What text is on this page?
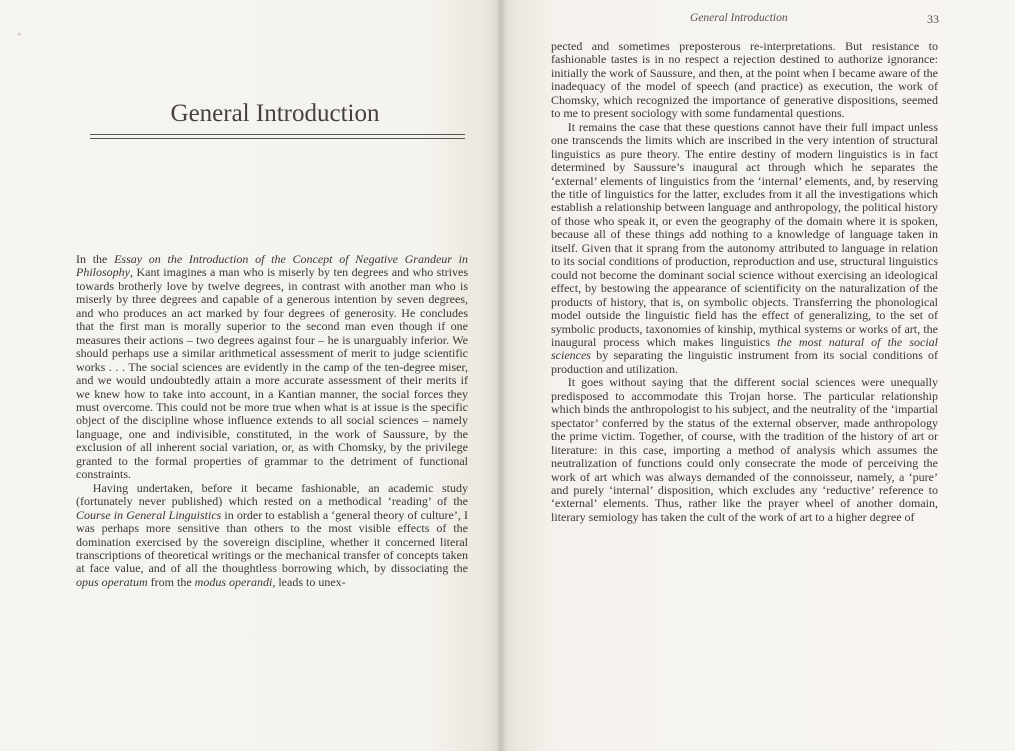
*
General Introduction

In the Essay on the Introduction of the Concept of Negative Grandeur in Philosophy, Kant imagines a man who is miserly by ten degrees and who strives towards brotherly love by twelve degrees, in contrast with another man who is miserly by three degrees and capable of a generous intention by seven degrees, and who produces an act marked by four degrees of generosity. He concludes that the first man is morally superior to the second man even though if one measures their actions – two degrees against four – he is unarguably inferior. We should perhaps use a similar arithmetical assessment of merit to judge scientific works . . . The social sciences are evidently in the camp of the ten-degree miser, and we would undoubtedly attain a more accurate assessment of their merits if we knew how to take into account, in a Kantian manner, the social forces they must overcome. This could not be more true when what is at issue is the specific object of the discipline whose influence extends to all social sciences – namely language, one and indivisible, constituted, in the work of Saussure, by the exclusion of all inherent social variation, or, as with Chomsky, by the privilege granted to the formal properties of grammar to the detriment of functional constraints.

Having undertaken, before it became fashionable, an academic study (fortunately never published) which rested on a methodical ‘reading’ of the Course in General Linguistics in order to establish a ‘general theory of culture’, I was perhaps more sensitive than others to the most visible effects of the domination exercised by the sovereign discipline, whether it concerned literal transcriptions of theoretical writings or the mechanical transfer of concepts taken at face value, and of all the thoughtless borrowing which, by dissociating the opus operatum from the modus operandi, leads to unex-

General Introduction	33

pected and sometimes preposterous re-interpretations. But resistance to fashionable tastes is in no respect a rejection destined to authorize ignorance: initially the work of Saussure, and then, at the point when I became aware of the inadequacy of the model of speech (and practice) as execution, the work of Chomsky, which recognized the importance of generative dispositions, seemed to me to present sociology with some fundamental questions.

It remains the case that these questions cannot have their full impact unless one transcends the limits which are inscribed in the very intention of structural linguistics as pure theory. The entire destiny of modern linguistics is in fact determined by Saussure’s inaugural act through which he separates the ‘external’ elements of linguistics from the ‘internal’ elements, and, by reserving the title of linguistics for the latter, excludes from it all the investigations which establish a relationship between language and anthropology, the political history of those who speak it, or even the geography of the domain where it is spoken, because all of these things add nothing to a knowledge of language taken in itself. Given that it sprang from the autonomy attributed to language in relation to its social conditions of production, reproduction and use, structural linguistics could not become the dominant social science without exercising an ideological effect, by bestowing the appearance of scientificity on the naturalization of the products of history, that is, on symbolic objects. Transferring the phonological model outside the linguistic field has the effect of generalizing, to the set of symbolic products, taxonomies of kinship, mythical systems or works of art, the inaugural process which makes linguistics the most natural of the social sciences by separating the linguistic instrument from its social conditions of production and utilization.

It goes without saying that the different social sciences were unequally predisposed to accommodate this Trojan horse. The particular relationship which binds the anthropologist to his subject, and the neutrality of the ‘impartial spectator’ conferred by the status of the external observer, made anthropology the prime victim. Together, of course, with the tradition of the history of art or literature: in this case, importing a method of analysis which assumes the neutralization of functions could only consecrate the mode of perceiving the work of art which was always demanded of the connoisseur, namely, a ‘pure’ and purely ‘internal’ disposition, which excludes any ‘reductive’ reference to ‘external’ elements. Thus, rather like the prayer wheel of another domain, literary semiology has taken the cult of the work of art to a higher degree of
